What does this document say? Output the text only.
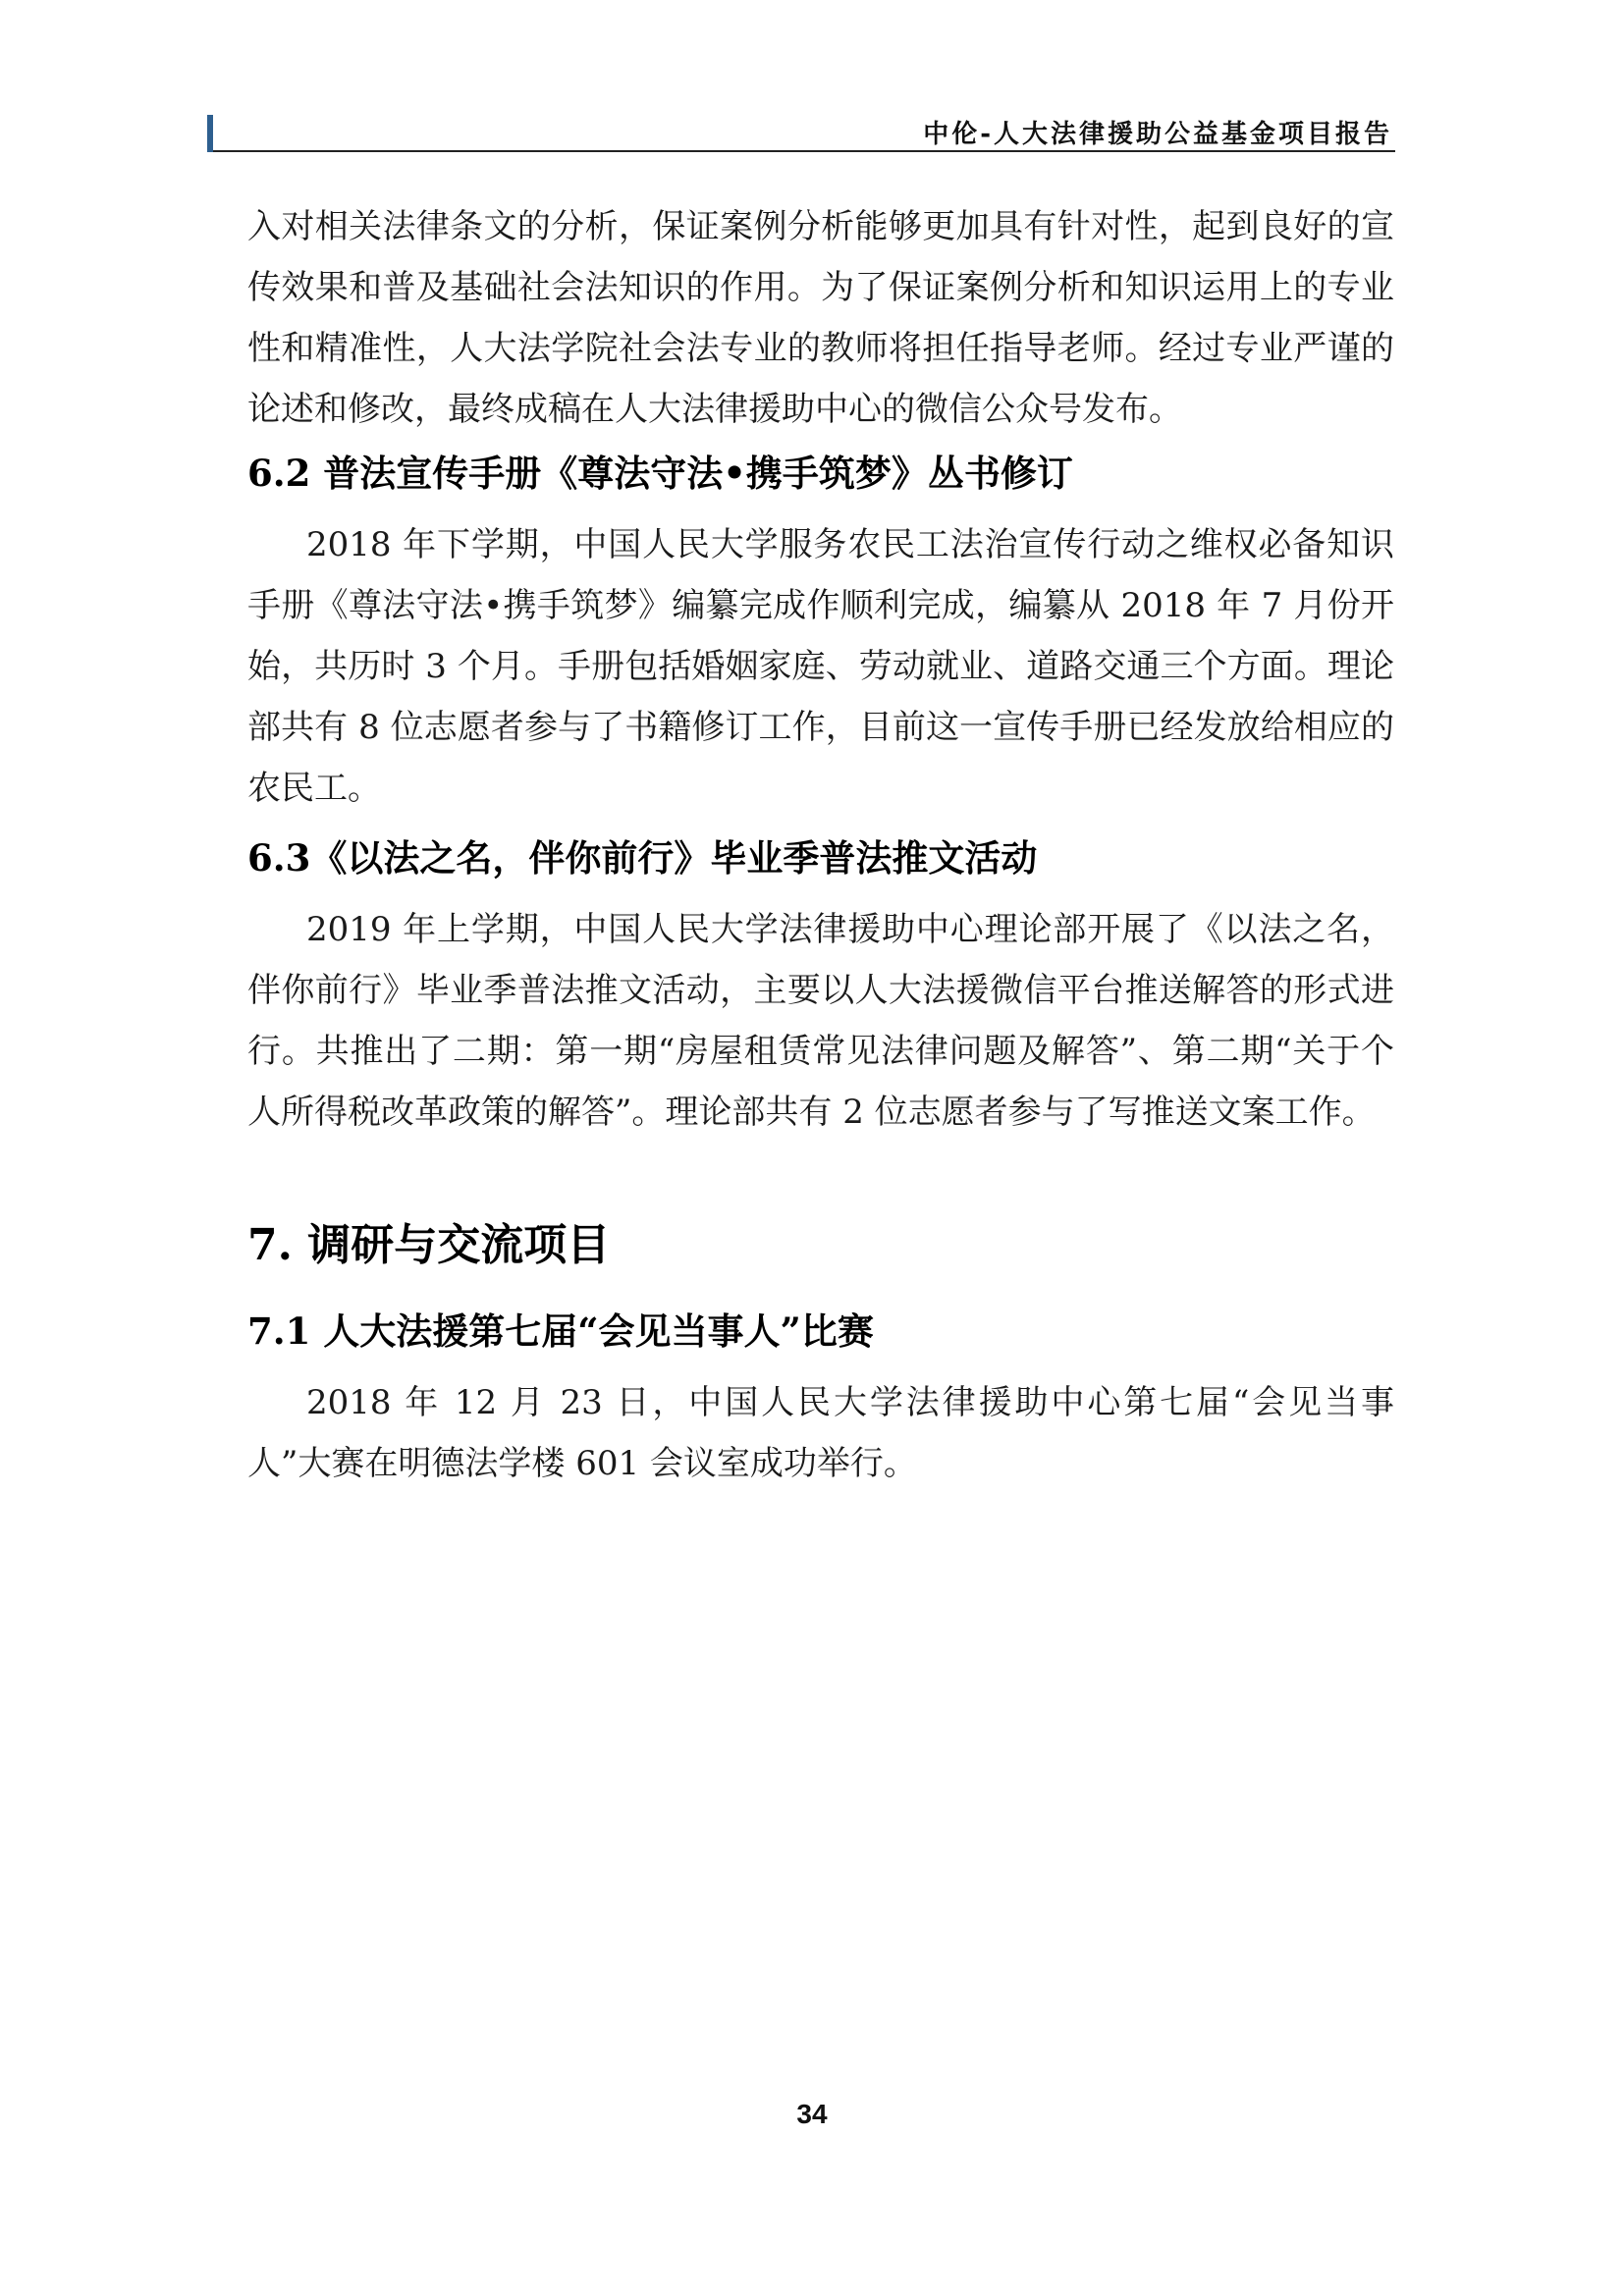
中伦-人大法律援助公益基金项目报告

入对相关法律条文的分析，保证案例分析能够更加具有针对性，起到良好的宣传效果和普及基础社会法知识的作用。为了保证案例分析和知识运用上的专业性和精准性，人大法学院社会法专业的教师将担任指导老师。经过专业严谨的论述和修改，最终成稿在人大法律援助中心的微信公众号发布。

6.2 普法宣传手册《尊法守法•携手筑梦》丛书修订

2018 年下学期，中国人民大学服务农民工法治宣传行动之维权必备知识手册《尊法守法•携手筑梦》编纂完成作顺利完成，编纂从 2018 年 7 月份开始，共历时 3 个月。手册包括婚姻家庭、劳动就业、道路交通三个方面。理论部共有 8 位志愿者参与了书籍修订工作，目前这一宣传手册已经发放给相应的农民工。

6.3《以法之名，伴你前行》毕业季普法推文活动

2019 年上学期，中国人民大学法律援助中心理论部开展了《以法之名，伴你前行》毕业季普法推文活动，主要以人大法援微信平台推送解答的形式进行。共推出了二期：第一期“房屋租赁常见法律问题及解答”、第二期“关于个人所得税改革政策的解答”。理论部共有 2 位志愿者参与了写推送文案工作。

7. 调研与交流项目
7.1 人大法援第七届“会见当事人”比赛

2018 年 12 月 23 日，中国人民大学法律援助中心第七届“会见当事人”大赛在明德法学楼 601 会议室成功举行。

34
